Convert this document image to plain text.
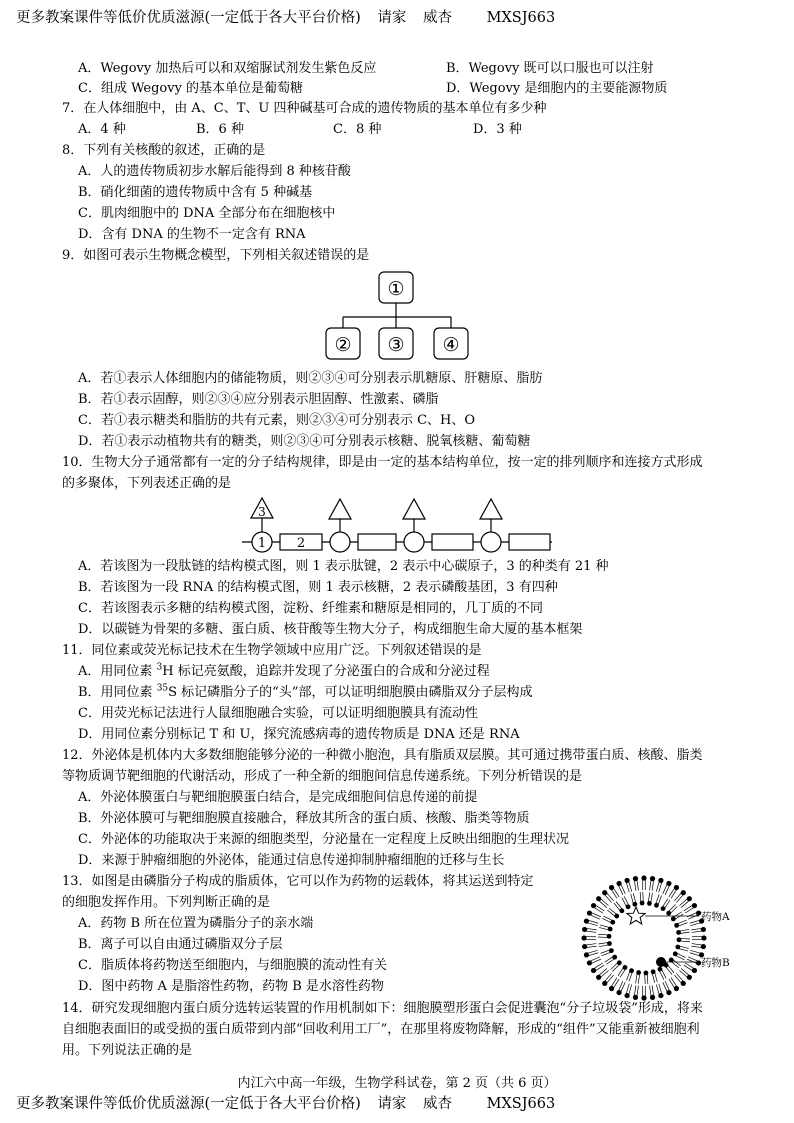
更多教案课件等低价优质滋源(一定低于各大平台价格) 请家 威杏 MXSJ663
A．Wegovy 加热后可以和双缩脲试剂发生紫色反应	B．Wegovy 既可以口服也可以注射
C．组成 Wegovy 的基本单位是葡萄糖	D．Wegovy 是细胞内的主要能源物质
7．在人体细胞中，由 A、C、T、U 四种碱基可合成的遗传物质的基本单位有多少种
A．4 种	B．6 种	C．8 种	D．3 种
8．下列有关核酸的叙述，正确的是
A．人的遗传物质初步水解后能得到 8 种核苷酸
B．硝化细菌的遗传物质中含有 5 种碱基
C．肌肉细胞中的 DNA 全部分布在细胞核中
D．含有 DNA 的生物不一定含有 RNA
9．如图可表示生物概念模型，下列相关叙述错误的是
①
② ③ ④
A．若①表示人体细胞内的储能物质，则②③④可分别表示肌糖原、肝糖原、脂肪
B．若①表示固醇，则②③④应分别表示胆固醇、性激素、磷脂
C．若①表示糖类和脂肪的共有元素，则②③④可分别表示 C、H、O
D．若①表示动植物共有的糖类，则②③④可分别表示核糖、脱氧核糖、葡萄糖
10．生物大分子通常都有一定的分子结构规律，即是由一定的基本结构单位，按一定的排列顺序和连接方式形成
的多聚体，下列表述正确的是
1 2
3
A．若该图为一段肽链的结构模式图，则 1 表示肽键，2 表示中心碳原子，3 的种类有 21 种
B．若该图为一段 RNA 的结构模式图，则 1 表示核糖，2 表示磷酸基团，3 有四种
C．若该图表示多糖的结构模式图，淀粉、纤维素和糖原是相同的，几丁质的不同
D．以碳链为骨架的多糖、蛋白质、核苷酸等生物大分子，构成细胞生命大厦的基本框架
11．同位素或荧光标记技术在生物学领域中应用广泛。下列叙述错误的是
A．用同位素 $^3$H 标记亮氨酸，追踪并发现了分泌蛋白的合成和分泌过程
B．用同位素 $^{35}$S 标记磷脂分子的“头”部，可以证明细胞膜由磷脂双分子层构成
C．用荧光标记法进行人鼠细胞融合实验，可以证明细胞膜具有流动性
D．用同位素分别标记 T 和 U，探究流感病毒的遗传物质是 DNA 还是 RNA
12．外泌体是机体内大多数细胞能够分泌的一种微小胞泡，具有脂质双层膜。其可通过携带蛋白质、核酸、脂类
等物质调节靶细胞的代谢活动，形成了一种全新的细胞间信息传递系统。下列分析错误的是
A．外泌体膜蛋白与靶细胞膜蛋白结合，是完成细胞间信息传递的前提
B．外泌体膜可与靶细胞膜直接融合，释放其所含的蛋白质、核酸、脂类等物质
C．外泌体的功能取决于来源的细胞类型，分泌量在一定程度上反映出细胞的生理状况
D．来源于肿瘤细胞的外泌体，能通过信息传递抑制肿瘤细胞的迁移与生长
13．如图是由磷脂分子构成的脂质体，它可以作为药物的运载体，将其运送到特定
的细胞发挥作用。下列判断正确的是
A．药物 B 所在位置为磷脂分子的亲水端
B．离子可以自由通过磷脂双分子层
C．脂质体将药物送至细胞内，与细胞膜的流动性有关
D．图中药物 A 是脂溶性药物，药物 B 是水溶性药物
药物A
药物B
14．研究发现细胞内蛋白质分选转运装置的作用机制如下：细胞膜塑形蛋白会促进囊泡“分子垃圾袋”形成，将来
自细胞表面旧的或受损的蛋白质带到内部“回收利用工厂”，在那里将废物降解，形成的“组件”又能重新被细胞利
用。下列说法正确的是
内江六中高一年级，生物学科试卷，第 2 页（共 6 页）
更多教案课件等低价优质滋源(一定低于各大平台价格) 请家 威杏 MXSJ663
